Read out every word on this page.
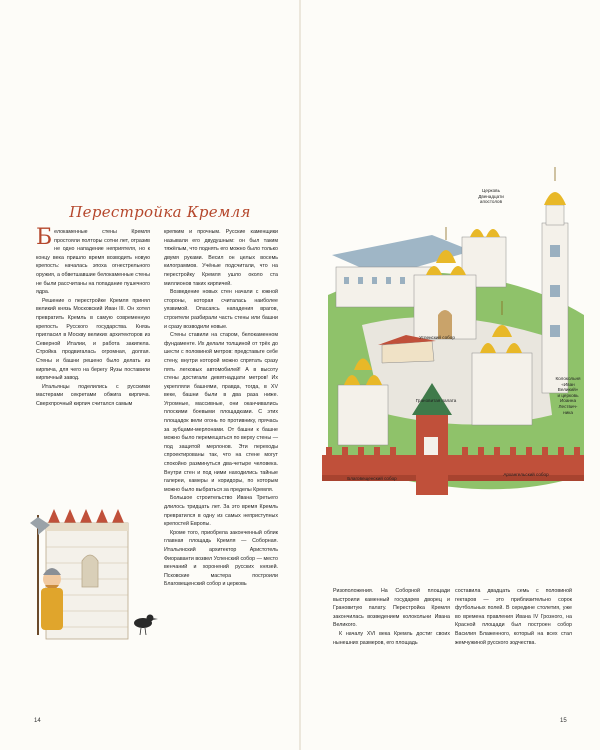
Перестройка Кремля

Белокаменные стены Кремля простояли полторы сотни лет, отразив не одно нападение неприятеля, но к концу века пришло время возводить новую крепость: началась эпоха огнестрельного оружия, а обветшавшие белокаменные стены не были рассчитаны на попадание пушечного ядра.

Решение о перестройке Кремля принял великий князь Московский Иван III. Он хотел превратить Кремль в самую современную крепость Русского государства. Князь пригласил в Москву великих архитекторов из Северной Италии, и работа закипела. Стройка продвигалась огромная, долгая. Стены и башни решено было делать из кирпича, для чего на берегу Яузы поставили кирпичный завод.

Итальянцы поделились с русскими мастерами секретами обжига кирпича. Сверхпрочный кирпич считался самым

крепким и прочным. Русские каменщики называли его двудушным: он был таким тяжёлым, что поднять его можно было только двумя руками. Весил он целых восемь килограммов. Учёные подсчитали, что на перестройку Кремля ушло около ста миллионов таких кирпичей.

Возведение новых стен начали с южной стороны, которая считалась наиболее уязвимой. Опасаясь нападения врагов, строители разбирали часть стены или башни и сразу возводили новые.

Стены ставили на старом, белокаменном фундаменте. Их делали толщиной от трёх до шести с половиной метров: представьте себе стену, внутри которой можно спрятать сразу пять легковых автомобилей! А в высоту стены достигали девятнадцати метров! Их укрепляли башнями, правда, тогда, в XV веке, башни были в два раза ниже. Угромные, массивные, они оканчивались плоскими боевыми площадками. С этих площадок вели огонь по противнику, прячась за зубцами-мерлонами. От башни к башне можно было перемещаться по верху стены — под защитой мерлонов. Эти переходы спроектированы так, что на стене могут спокойно разминуться два-четыре человека. Внутри стен и под ними находились тайные галереи, камеры и коридоры, по которым можно было выбраться за пределы Кремля.

Большое строительство Ивана Третьего длилось тридцать лет. За это время Кремль превратился в одну из самых неприступных крепостей Европы.

Кроме того, приобрела законченный облик главная площадь Кремля — Соборная. Итальянский архитектор Аристотель Фиораванти возвел Успенский собор — место венчаний и хоронений русских князей. Псковские мастера построили Благовещенский собор и церковь

Ризоположения. На Соборной площади выстроили каменный государев дворец и Грановитую палату. Перестройка Кремля закончилась возведением колокольни Ивана Великого.

К началу XVI века Кремль достиг своих нынешних размеров, его площадь

составила двадцать семь с половиной гектаров — это приблизительно сорок футбольных полей. В середине столетия, уже во времена правления Ивана IV Грозного, на Красной площади был построен собор Василия Блаженного, который на всех стал жемчужиной русского зодчества.

14	15
Церковь
Двенадцати
апостолов
Успенский собор
Грановитая палата
Благовещенский собор
Архангельский собор
Колокольня
«Иван
Великий»
и церковь
Иоанна
Лествич-
ника
